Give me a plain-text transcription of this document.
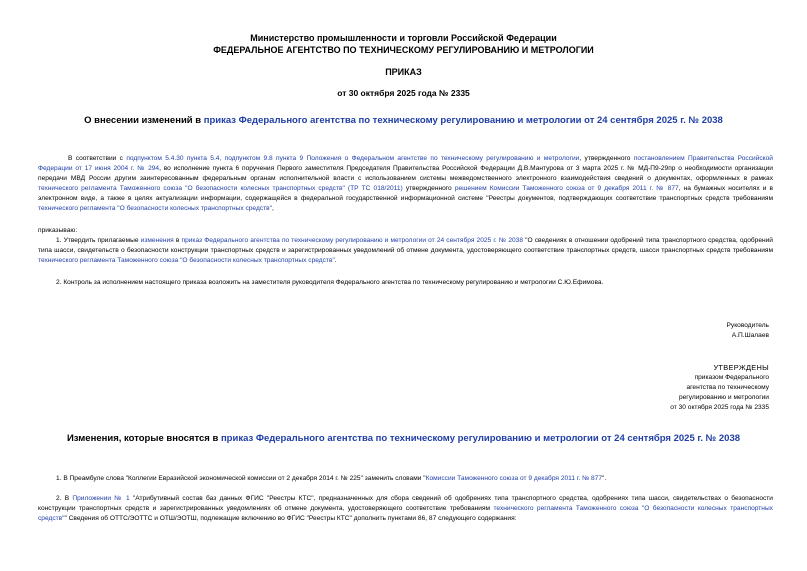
Министерство промышленности и торговли Российской Федерации
ФЕДЕРАЛЬНОЕ АГЕНТСТВО ПО ТЕХНИЧЕСКОМУ РЕГУЛИРОВАНИЮ И МЕТРОЛОГИИ
ПРИКАЗ
от 30 октября 2025 года № 2335
О внесении изменений в приказ Федерального агентства по техническому регулированию и метрологии от 24 сентября 2025 г. № 2038

В соответствии с подпунктом 5.4.30 пункта 5.4, подпунктом 9.8 пункта 9 Положения о Федеральном агентстве по техническому регулированию и метрологии, утвержденного постановлением Правительства Российской Федерации от 17 июня 2004 г. № 294, во исполнение пункта 6 поручения Первого заместителя Председателя Правительства Российской Федерации Д.В.Мантурова от 3 марта 2025 г. № МД-П9-29пр о необходимости организации передачи МВД России другим заинтересованным федеральным органам исполнительной власти с использованием системы межведомственного электронного взаимодействия сведений о документах, оформленных в рамках технического регламента Таможенного союза "О безопасности колесных транспортных средств" (ТР ТС 018/2011) утвержденного решением Комиссии Таможенного союза от 9 декабря 2011 г. № 877, на бумажных носителях и в электронном виде, а также в целях актуализации информации, содержащейся в федеральной государственной информационной системе "Реестры документов, подтверждающих соответствие транспортных средств требованиям технического регламента "О безопасности колесных транспортных средств",

приказываю:

1. Утвердить прилагаемые изменения в приказ Федерального агентства по техническому регулированию и метрологии от 24 сентября 2025 г. № 2038 "О сведениях в отношении одобрений типа транспортного средства, одобрений типа шасси, свидетельств о безопасности конструкции транспортных средств и зарегистрированных уведомлений об отмене документа, удостоверяющего соответствие транспортных средств, шасси транспортных средств требованиям технического регламента Таможенного союза "О безопасности колесных транспортных средств".

2. Контроль за исполнением настоящего приказа возложить на заместителя руководителя Федерального агентства по техническому регулированию и метрологии С.Ю.Ефимова.

Руководитель
А.П.Шалаев
УТВЕРЖДЕНЫ
приказом Федерального
агентства по техническому
регулированию и метрологии
от 30 октября 2025 года № 2335
Изменения, которые вносятся в приказ Федерального агентства по техническому регулированию и метрологии от 24 сентября 2025 г. № 2038

1. В Преамбуле слова "Коллегии Евразийской экономической комиссии от 2 декабря 2014 г. № 225" заменить словами "Комиссии Таможенного союза от 9 декабря 2011 г. № 877".

2. В Приложении № 1 "Атрибутивный состав баз данных ФГИС "Реестры КТС", предназначенных для сбора сведений об одобрениях типа транспортного средства, одобрениях типа шасси, свидетельствах о безопасности конструкции транспортных средств и зарегистрированных уведомлениях об отмене документа, удостоверяющего соответствие требованиям технического регламента Таможенного союза "О безопасности колесных транспортных средств"" Сведения об ОТТС/ЭОТТС и ОТШ/ЭОТШ, подлежащие включению во ФГИС "Реестры КТС" дополнить пунктами 86, 87 следующего содержания:
